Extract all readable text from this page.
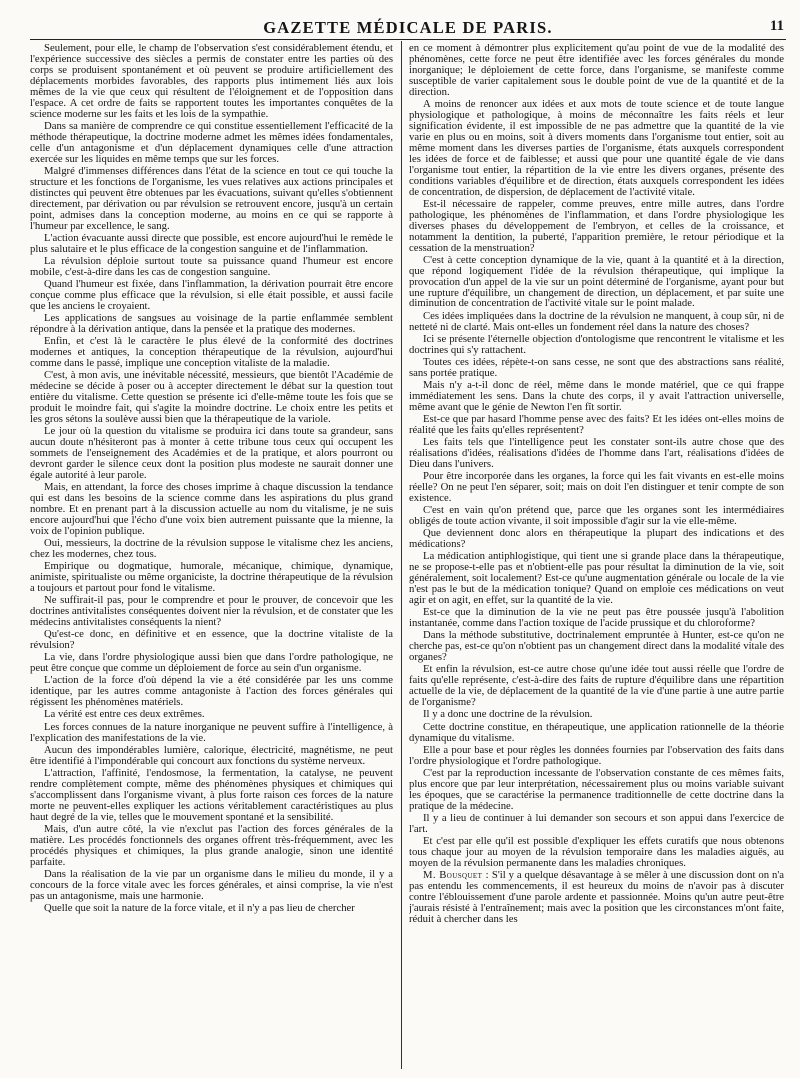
GAZETTE MÉDICALE DE PARIS.	11

Seulement, pour elle, le champ de l'observation s'est considérablement étendu, et l'expérience successive des siècles a permis de constater entre les parties où des corps se produisent spontanément et où peuvent se produire artificiellement des déplacements morbides favorables, des rapports plus intimement liés aux lois mêmes de la vie que ceux qui résultent de l'éloignement et de l'opposition dans l'espace. A cet ordre de faits se rapportent toutes les importantes conquêtes de la science moderne sur les faits et les lois de la sympathie.

Dans sa manière de comprendre ce qui constitue essentiellement l'efficacité de la méthode thérapeutique, la doctrine moderne admet les mêmes idées fondamentales, celle d'un antagonisme et d'un déplacement dynamiques celle d'une attraction exercée sur les liquides en même temps que sur les forces.

Malgré d'immenses différences dans l'état de la science en tout ce qui touche la structure et les fonctions de l'organisme, les vues relatives aux actions principales et distinctes qui peuvent être obtenues par les évacuations, suivant qu'elles s'obtiennent directement, par dérivation ou par révulsion se retrouvent encore, jusqu'à un certain point, admises dans la conception moderne, au moins en ce qui se rapporte à l'humeur par excellence, le sang.

L'action évacuante aussi directe que possible, est encore aujourd'hui le remède le plus salutaire et le plus efficace de la congestion sanguine et de l'inflammation.

La révulsion déploie surtout toute sa puissance quand l'humeur est encore mobile, c'est-à-dire dans les cas de congestion sanguine.

Quand l'humeur est fixée, dans l'inflammation, la dérivation pourrait être encore conçue comme plus efficace que la révulsion, si elle était possible, et aussi facile que les anciens le croyaient.

Les applications de sangsues au voisinage de la partie enflammée semblent répondre à la dérivation antique, dans la pensée et la pratique des modernes.

Enfin, et c'est là le caractère le plus élevé de la conformité des doctrines modernes et antiques, la conception thérapeutique de la révulsion, aujourd'hui comme dans le passé, implique une conception vitaliste de la maladie.

C'est, à mon avis, une inévitable nécessité, messieurs, que bientôt l'Académie de médecine se décide à poser ou à accepter directement le débat sur la question tout entière du vitalisme. Cette question se présente ici d'elle-même toute les fois que se produit le moindre fait, qui s'agite la moindre doctrine. Le choix entre les petits et les gros sétons la soulève aussi bien que la thérapeutique de la variole.

Le jour où la question du vitalisme se produira ici dans toute sa grandeur, sans aucun doute n'hésiteront pas à monter à cette tribune tous ceux qui occupent les sommets de l'enseignement des Académies et de la pratique, et alors pourront ou devront garder le silence ceux dont la position plus modeste ne saurait donner une égale autorité à leur parole.

Mais, en attendant, la force des choses imprime à chaque discussion la tendance qui est dans les besoins de la science comme dans les aspirations du plus grand nombre. Et en prenant part à la discussion actuelle au nom du vitalisme, je ne suis encore aujourd'hui que l'écho d'une voix bien autrement puissante que la mienne, la voix de l'opinion publique.

Oui, messieurs, la doctrine de la révulsion suppose le vitalisme chez les anciens, chez les modernes, chez tous.

Empirique ou dogmatique, humorale, mécanique, chimique, dynamique, animiste, spiritualiste ou même organiciste, la doctrine thérapeutique de la révulsion a toujours et partout pour fond le vitalisme.

Ne suffirait-il pas, pour le comprendre et pour le prouver, de concevoir que les doctrines antivitalistes conséquentes doivent nier la révulsion, et de constater que les médecins antivitalistes conséquents la nient?

Qu'est-ce donc, en définitive et en essence, que la doctrine vitaliste de la révulsion?

La vie, dans l'ordre physiologique aussi bien que dans l'ordre pathologique, ne peut être conçue que comme un déploiement de force au sein d'un organisme.

L'action de la force d'où dépend la vie a été considérée par les uns comme identique, par les autres comme antagoniste à l'action des forces générales qui régissent les phénomènes matériels.

La vérité est entre ces deux extrêmes.

Les forces connues de la nature inorganique ne peuvent suffire à l'intelligence, à l'explication des manifestations de la vie.

Aucun des impondérables lumière, calorique, électricité, magnétisme, ne peut être identifié à l'impondérable qui concourt aux fonctions du système nerveux.

L'attraction, l'affinité, l'endosmose, la fermentation, la catalyse, ne peuvent rendre complètement compte, même des phénomènes physiques et chimiques qui s'accomplissent dans l'organisme vivant, à plus forte raison ces forces de la nature morte ne peuvent-elles expliquer les actions véritablement caractéristiques au plus haut degré de la vie, telles que le mouvement spontané et la sensibilité.

Mais, d'un autre côté, la vie n'exclut pas l'action des forces générales de la matière. Les procédés fonctionnels des organes offrent très-fréquemment, avec les procédés physiques et chimiques, la plus grande analogie, sinon une identité parfaite.

Dans la réalisation de la vie par un organisme dans le milieu du monde, il y a concours de la force vitale avec les forces générales, et ainsi comprise, la vie n'est pas un antagonisme, mais une harmonie.

Quelle que soit la nature de la force vitale, et il n'y a pas lieu de chercher

en ce moment à démontrer plus explicitement qu'au point de vue de la modalité des phénomènes, cette force ne peut être identifiée avec les forces générales du monde inorganique; le déploiement de cette force, dans l'organisme, se manifeste comme susceptible de varier capitalement sous le double point de vue de la quantité et de la direction.

A moins de renoncer aux idées et aux mots de toute science et de toute langue physiologique et pathologique, à moins de méconnaître les faits réels et leur signification évidente, il est impossible de ne pas admettre que la quantité de la vie varie en plus ou en moins, soit à divers moments dans l'organisme tout entier, soit au même moment dans les diverses parties de l'organisme, états auxquels correspondent les idées de force et de faiblesse; et aussi que pour une quantité égale de vie dans l'organisme tout entier, la répartition de la vie entre les divers organes, présente des conditions variables d'équilibre et de direction, états auxquels correspondent les idées de concentration, de dispersion, de déplacement de l'activité vitale.

Est-il nécessaire de rappeler, comme preuves, entre mille autres, dans l'ordre pathologique, les phénomènes de l'inflammation, et dans l'ordre physiologique les diverses phases du développement de l'embryon, et celles de la croissance, et notamment la dentition, la puberté, l'apparition première, le retour périodique et la cessation de la menstruation?

C'est à cette conception dynamique de la vie, quant à la quantité et à la direction, que répond logiquement l'idée de la révulsion thérapeutique, qui implique la provocation d'un appel de la vie sur un point déterminé de l'organisme, ayant pour but une rupture d'équilibre, un changement de direction, un déplacement, et par suite une diminution de concentration de l'activité vitale sur le point malade.

Ces idées impliquées dans la doctrine de la révulsion ne manquent, à coup sûr, ni de netteté ni de clarté. Mais ont-elles un fondement réel dans la nature des choses?

Ici se présente l'éternelle objection d'ontologisme que rencontrent le vitalisme et les doctrines qui s'y rattachent.

Toutes ces idées, répète-t-on sans cesse, ne sont que des abstractions sans réalité, sans portée pratique.

Mais n'y a-t-il donc de réel, même dans le monde matériel, que ce qui frappe immédiatement les sens. Dans la chute des corps, il y avait l'attraction universelle, même avant que le génie de Newton l'en fît sortir.

Est-ce que par hasard l'homme pense avec des faits? Et les idées ont-elles moins de réalité que les faits qu'elles représentent?

Les faits tels que l'intelligence peut les constater sont-ils autre chose que des réalisations d'idées, réalisations d'idées de l'homme dans l'art, réalisations d'idées de Dieu dans l'univers.

Pour être incorporée dans les organes, la force qui les fait vivants en est-elle moins réelle? On ne peut l'en séparer, soit; mais on doit l'en distinguer et tenir compte de son existence.

C'est en vain qu'on prétend que, parce que les organes sont les intermédiaires obligés de toute action vivante, il soit impossible d'agir sur la vie elle-même.

Que deviennent donc alors en thérapeutique la plupart des indications et des médications?

La médication antiphlogistique, qui tient une si grande place dans la thérapeutique, ne se propose-t-elle pas et n'obtient-elle pas pour résultat la diminution de la vie, soit généralement, soit localement? Est-ce qu'une augmentation générale ou locale de la vie n'est pas le but de la médication tonique? Quand on emploie ces médications on veut agir et on agit, en effet, sur la quantité de la vie.

Est-ce que la diminution de la vie ne peut pas être poussée jusqu'à l'abolition instantanée, comme dans l'action toxique de l'acide prussique et du chloroforme?

Dans la méthode substitutive, doctrinalement empruntée à Hunter, est-ce qu'on ne cherche pas, est-ce qu'on n'obtient pas un changement direct dans la modalité vitale des organes?

Et enfin la révulsion, est-ce autre chose qu'une idée tout aussi réelle que l'ordre de faits qu'elle représente, c'est-à-dire des faits de rupture d'équilibre dans une répartition actuelle de la vie, de déplacement de la quantité de la vie d'une partie à une autre partie de l'organisme?

Il y a donc une doctrine de la révulsion.

Cette doctrine constitue, en thérapeutique, une application rationnelle de la théorie dynamique du vitalisme.

Elle a pour base et pour règles les données fournies par l'observation des faits dans l'ordre physiologique et l'ordre pathologique.

C'est par la reproduction incessante de l'observation constante de ces mêmes faits, plus encore que par leur interprétation, nécessairement plus ou moins variable suivant les époques, que se caractérise la permanence traditionnelle de cette doctrine dans la pratique de la médecine.

Il y a lieu de continuer à lui demander son secours et son appui dans l'exercice de l'art.

Et c'est par elle qu'il est possible d'expliquer les effets curatifs que nous obtenons tous chaque jour au moyen de la révulsion temporaire dans les maladies aiguës, au moyen de la révulsion permanente dans les maladies chroniques.

M. Bousquet : S'il y a quelque désavantage à se mêler à une discussion dont on n'a pas entendu les commencements, il est heureux du moins de n'avoir pas à discuter contre l'éblouissement d'une parole ardente et passionnée. Moins qu'un autre peut-être j'aurais résisté à l'entraînement; mais avec la position que les circonstances m'ont faite, réduit à chercher dans les
